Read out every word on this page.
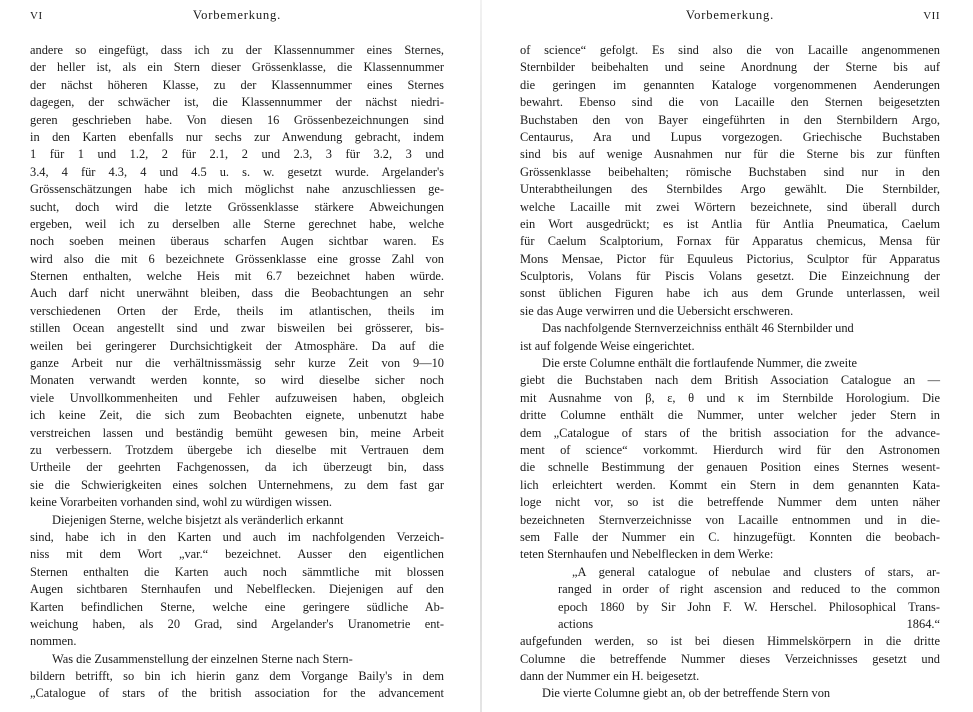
VI	Vorbemerkung.
andere so eingefügt, dass ich zu der Klassennummer eines Sternes,
der heller ist, als ein Stern dieser Grössenklasse, die Klassennummer
der nächst höheren Klasse, zu der Klassennummer eines Sternes
dagegen, der schwächer ist, die Klassennummer der nächst niedri-
geren geschrieben habe. Von diesen 16 Grössenbezeichnungen sind
in den Karten ebenfalls nur sechs zur Anwendung gebracht, indem
1 für 1 und 1.2, 2 für 2.1, 2 und 2.3, 3 für 3.2, 3 und
3.4, 4 für 4.3, 4 und 4.5 u. s. w. gesetzt wurde. Argelander's
Grössenschätzungen habe ich mich möglichst nahe anzuschliessen ge-
sucht, doch wird die letzte Grössenklasse stärkere Abweichungen
ergeben, weil ich zu derselben alle Sterne gerechnet habe, welche
noch soeben meinen überaus scharfen Augen sichtbar waren. Es
wird also die mit 6 bezeichnete Grössenklasse eine grosse Zahl von
Sternen enthalten, welche Heis mit 6.7 bezeichnet haben würde.
Auch darf nicht unerwähnt bleiben, dass die Beobachtungen an sehr
verschiedenen Orten der Erde, theils im atlantischen, theils im
stillen Ocean angestellt sind und zwar bisweilen bei grösserer, bis-
weilen bei geringerer Durchsichtigkeit der Atmosphäre. Da auf die
ganze Arbeit nur die verhältnissmässig sehr kurze Zeit von 9—10
Monaten verwandt werden konnte, so wird dieselbe sicher noch
viele Unvollkommenheiten und Fehler aufzuweisen haben, obgleich
ich keine Zeit, die sich zum Beobachten eignete, unbenutzt habe
verstreichen lassen und beständig bemüht gewesen bin, meine Arbeit
zu verbessern. Trotzdem übergebe ich dieselbe mit Vertrauen dem
Urtheile der geehrten Fachgenossen, da ich überzeugt bin, dass
sie die Schwierigkeiten eines solchen Unternehmens, zu dem fast gar
keine Vorarbeiten vorhanden sind, wohl zu würdigen wissen.
Diejenigen Sterne, welche bisjetzt als veränderlich erkannt
sind, habe ich in den Karten und auch im nachfolgenden Verzeich-
niss mit dem Wort „var.“ bezeichnet. Ausser den eigentlichen
Sternen enthalten die Karten auch noch sämmtliche mit blossen
Augen sichtbaren Sternhaufen und Nebelflecken. Diejenigen auf den
Karten befindlichen Sterne, welche eine geringere südliche Ab-
weichung haben, als 20 Grad, sind Argelander's Uranometrie ent-
nommen.
Was die Zusammenstellung der einzelnen Sterne nach Stern-
bildern betrifft, so bin ich hierin ganz dem Vorgange Baily's in dem
„Catalogue of stars of the british association for the advancement
Vorbemerkung.	VII
of science“ gefolgt. Es sind also die von Lacaille angenommenen
Sternbilder beibehalten und seine Anordnung der Sterne bis auf
die geringen im genannten Kataloge vorgenommenen Aenderungen
bewahrt. Ebenso sind die von Lacaille den Sternen beigesetzten
Buchstaben den von Bayer eingeführten in den Sternbildern Argo,
Centaurus, Ara und Lupus vorgezogen. Griechische Buchstaben
sind bis auf wenige Ausnahmen nur für die Sterne bis zur fünften
Grössenklasse beibehalten; römische Buchstaben sind nur in den
Unterabtheilungen des Sternbildes Argo gewählt. Die Sternbilder,
welche Lacaille mit zwei Wörtern bezeichnete, sind überall durch
ein Wort ausgedrückt; es ist Antlia für Antlia Pneumatica, Caelum
für Caelum Scalptorium, Fornax für Apparatus chemicus, Mensa für
Mons Mensae, Pictor für Equuleus Pictorius, Sculptor für Apparatus
Sculptoris, Volans für Piscis Volans gesetzt. Die Einzeichnung der
sonst üblichen Figuren habe ich aus dem Grunde unterlassen, weil
sie das Auge verwirren und die Uebersicht erschweren.
Das nachfolgende Sternverzeichniss enthält 46 Sternbilder und
ist auf folgende Weise eingerichtet.
Die erste Columne enthält die fortlaufende Nummer, die zweite
giebt die Buchstaben nach dem British Association Catalogue an —
mit Ausnahme von β, ε, θ und κ im Sternbilde Horologium. Die
dritte Columne enthält die Nummer, unter welcher jeder Stern in
dem „Catalogue of stars of the british association for the advance-
ment of science“ vorkommt. Hierdurch wird für den Astronomen
die schnelle Bestimmung der genauen Position eines Sternes wesent-
lich erleichtert werden. Kommt ein Stern in dem genannten Kata-
loge nicht vor, so ist die betreffende Nummer dem unten näher
bezeichneten Sternverzeichnisse von Lacaille entnommen und in die-
sem Falle der Nummer ein C. hinzugefügt. Konnten die beobach-
teten Sternhaufen und Nebelflecken in dem Werke:
„A general catalogue of nebulae and clusters of stars, ar-
ranged in order of right ascension and reduced to the common
epoch 1860 by Sir John F. W. Herschel. Philosophical Trans-
actions 1864.“
aufgefunden werden, so ist bei diesen Himmelskörpern in die dritte
Columne die betreffende Nummer dieses Verzeichnisses gesetzt und
dann der Nummer ein H. beigesetzt.
Die vierte Columne giebt an, ob der betreffende Stern von
